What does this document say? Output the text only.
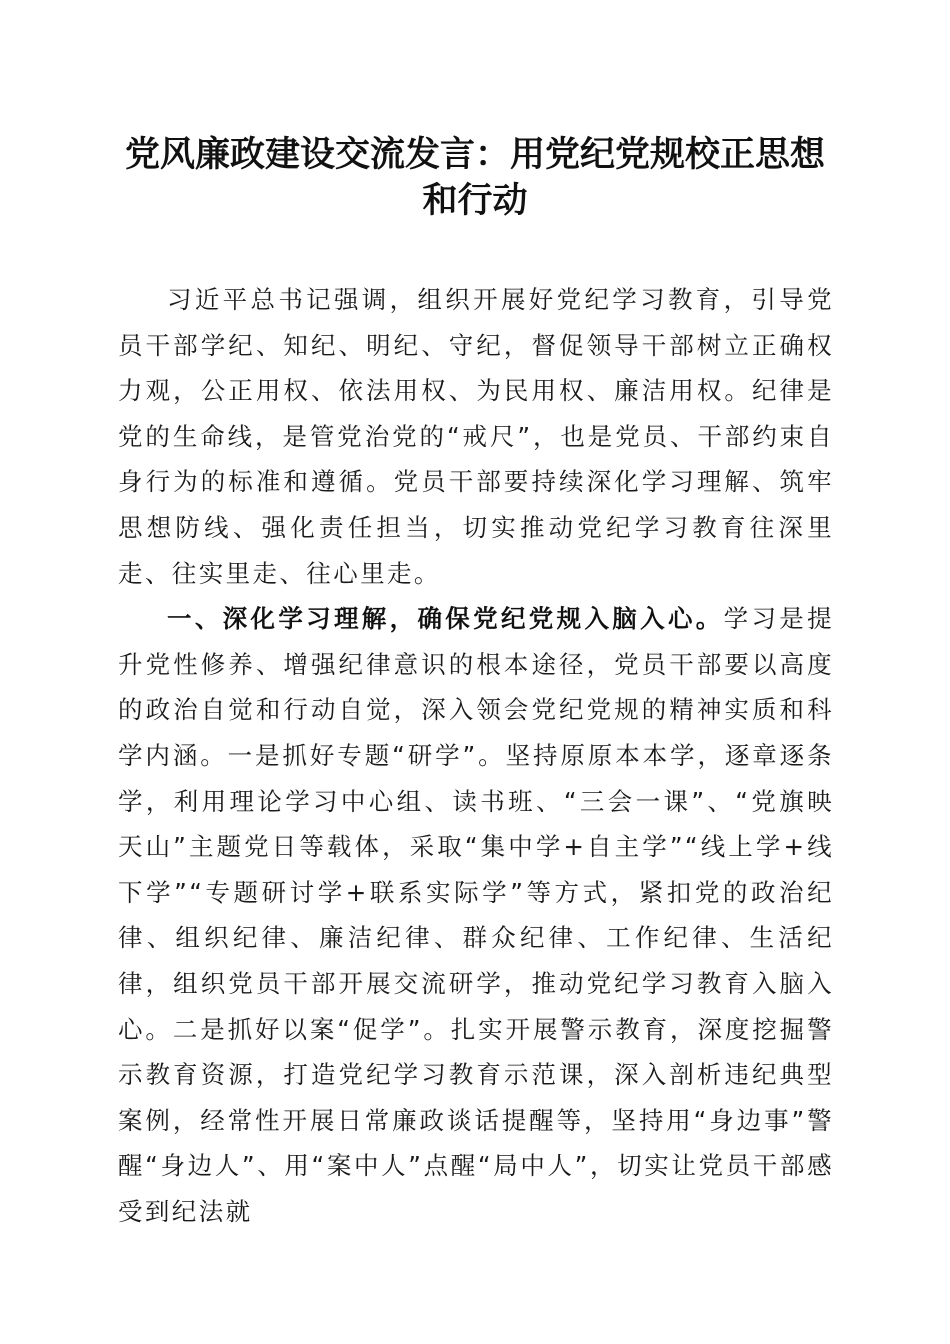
党风廉政建设交流发言：用党纪党规校正思想
和行动

习近平总书记强调，组织开展好党纪学习教育，引导党员干部学纪、知纪、明纪、守纪，督促领导干部树立正确权力观，公正用权、依法用权、为民用权、廉洁用权。纪律是党的生命线，是管党治党的“戒尺”，也是党员、干部约束自身行为的标准和遵循。党员干部要持续深化学习理解、筑牢思想防线、强化责任担当，切实推动党纪学习教育往深里走、往实里走、往心里走。

一、深化学习理解，确保党纪党规入脑入心。学习是提升党性修养、增强纪律意识的根本途径，党员干部要以高度的政治自觉和行动自觉，深入领会党纪党规的精神实质和科学内涵。一是抓好专题“研学”。坚持原原本本学，逐章逐条学，利用理论学习中心组、读书班、“三会一课”、“党旗映天山”主题党日等载体，采取“集中学+自主学”“线上学+线下学”“专题研讨学+联系实际学”等方式，紧扣党的政治纪律、组织纪律、廉洁纪律、群众纪律、工作纪律、生活纪律，组织党员干部开展交流研学，推动党纪学习教育入脑入心。二是抓好以案“促学”。扎实开展警示教育，深度挖掘警示教育资源，打造党纪学习教育示范课，深入剖析违纪典型案例，经常性开展日常廉政谈话提醒等，坚持用“身边事”警醒“身边人”、用“案中人”点醒“局中人”，切实让党员干部感受到纪法就
